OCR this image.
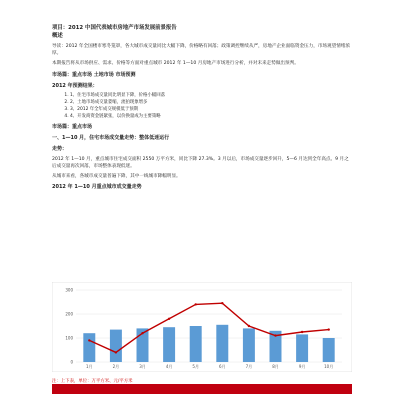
项目：2012 中国代表城市房地产市场发展前景报告
概述
导读：2012 年全国楼市寒冬笼罩，各大城市成交量同比大幅下降，价格略有回落；政策调控继续从严，房地产企业面临资金压力，市场观望情绪浓厚。
本期报告将从市场供应、需求、价格等方面对重点城市 2012 年 1—10 月房地产市场进行分析，并对未来走势做出预判。
市场篇：重点市场 土地市场 市场预测
2012 年预测结果：
1. 1、住宅市场成交量同比明显下降，价格小幅回落
2. 2、土地市场成交量萎缩，流拍现象增多
3. 3、2012 年全年成交规模低于预期
4. 4、开发商资金链紧张，以价换量成为主要策略
市场篇：重点市场
一、1—10 月，住宅市场成交量走势：整体低迷运行
走势：
2012 年 1—10 月，重点城市住宅成交面积 2550 万平方米，同比下降 27.3%。3 月以后，市场成交量逐步回升，5—6 月达到全年高点。9 月之后成交量再次回落，市场整体表现低迷。
从城市来看，各城市成交量普遍下降，其中一线城市降幅明显。
2012 年 1—10 月重点城市成交量走势
0
100
200
300
1月	2月	3月	4月	5月	6月	7月	8月	9月	10月
注：上下表，单位：万平方米、元/平方米
1月	2月	3月	4月	5月	6月	7月	8月	9月	10月
